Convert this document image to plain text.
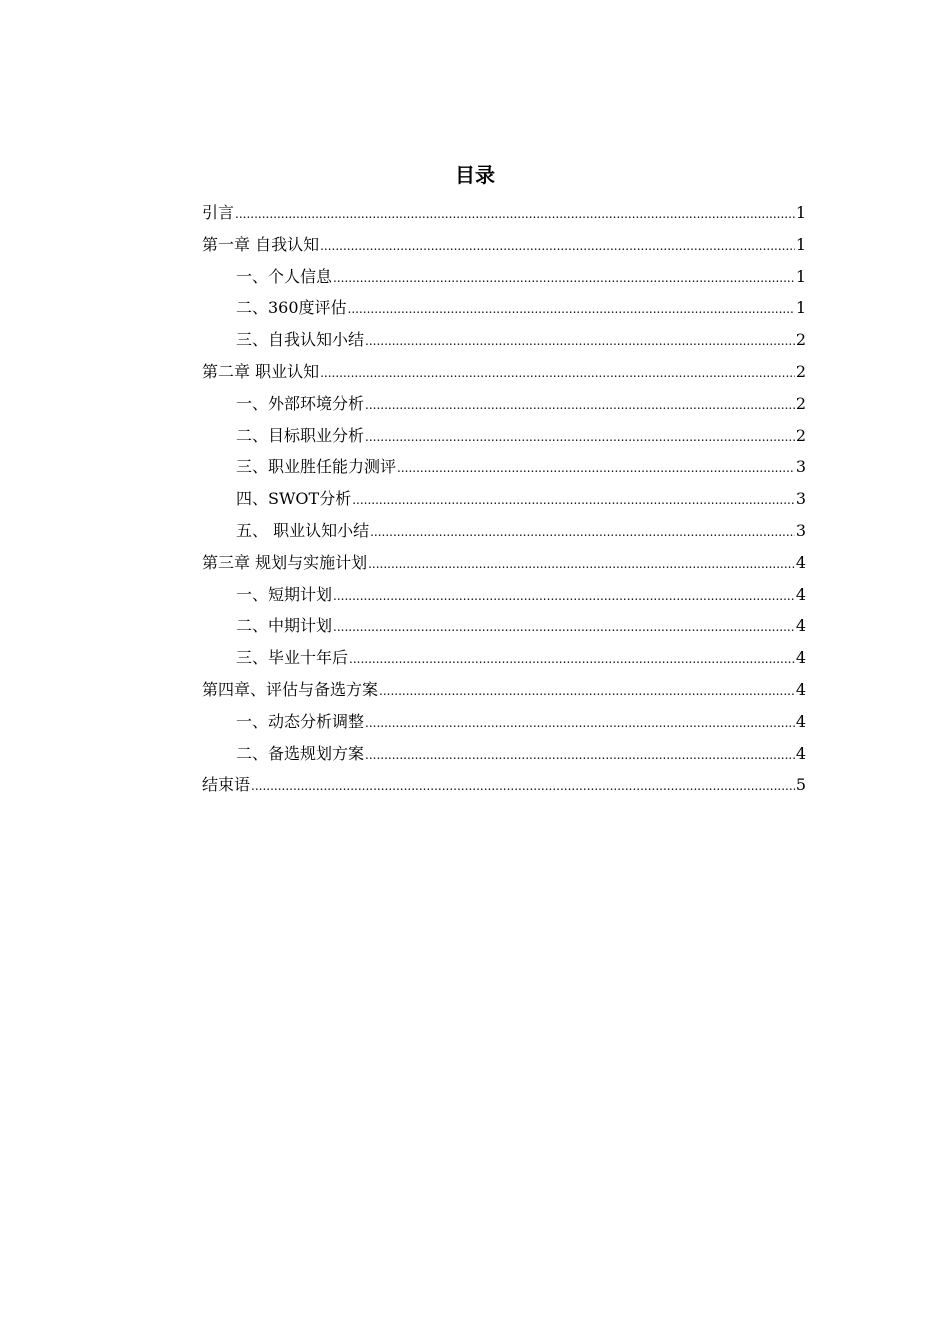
目录
引言 .....	1
第一章 自我认知 .....	1
一、个人信息 .....	1
二、360度评估 .....	1
三、自我认知小结 .....	2
第二章 职业认知 .....	2
一、外部环境分析 .....	2
二、目标职业分析 .....	2
三、职业胜任能力测评 .....	3
四、SWOT分析 .....	3
五、 职业认知小结 .....	3
第三章 规划与实施计划 .....	4
一、短期计划 .....	4
二、中期计划 .....	4
三、毕业十年后 .....	4
第四章、评估与备选方案 .....	4
一、动态分析调整 .....	4
二、备选规划方案 .....	4
结束语 .....	5
